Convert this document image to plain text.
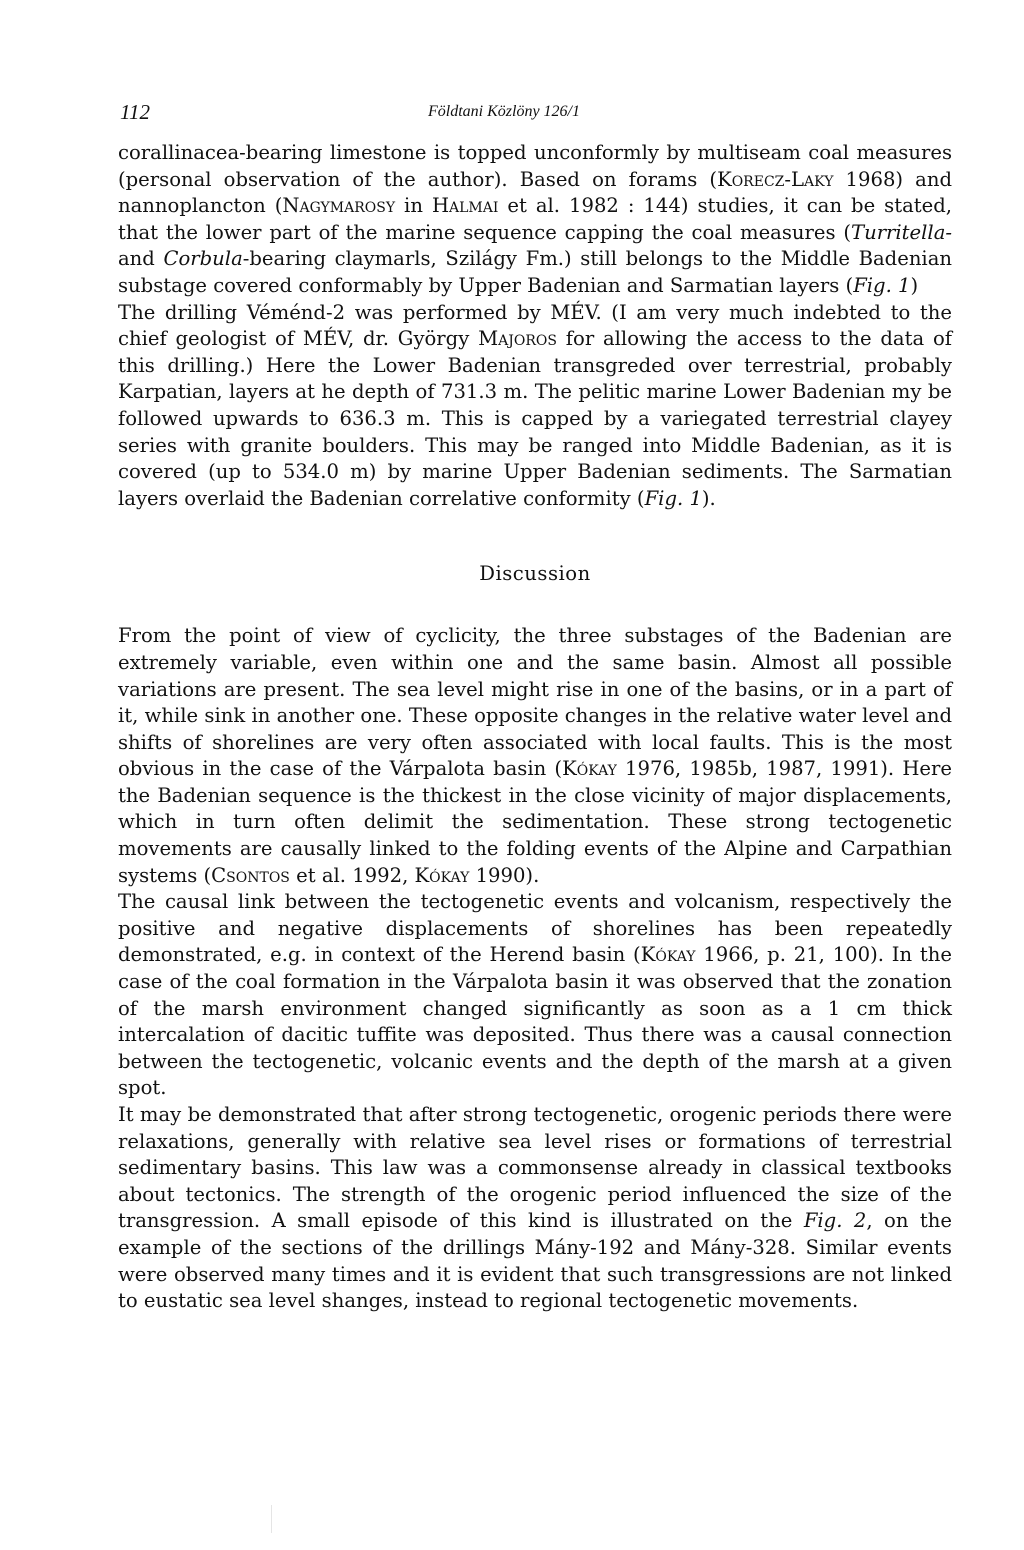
112	Földtani Közlöny 126/1

corallinacea-bearing limestone is topped unconformly by multiseam coal measures (personal observation of the author). Based on forams (Korecz-Laky 1968) and nannoplancton (Nagymarosy in Halmai et al. 1982 : 144) studies, it can be stated, that the lower part of the marine sequence capping the coal measures (Turritella- and Corbula-bearing claymarls, Szilágy Fm.) still belongs to the Middle Badenian substage covered conformably by Upper Badenian and Sarmatian layers (Fig. 1)

The drilling Véménd-2 was performed by MÉV. (I am very much indebted to the chief geologist of MÉV, dr. György Majoros for allowing the access to the data of this drilling.) Here the Lower Badenian transgreded over terrestrial, probably Karpatian, layers at he depth of 731.3 m. The pelitic marine Lower Badenian my be followed upwards to 636.3 m. This is capped by a variegated terrestrial clayey series with granite boulders. This may be ranged into Middle Badenian, as it is covered (up to 534.0 m) by marine Upper Badenian sediments. The Sarmatian layers overlaid the Badenian correlative conformity (Fig. 1).

Discussion

From the point of view of cyclicity, the three substages of the Badenian are extremely variable, even within one and the same basin. Almost all possible variations are present. The sea level might rise in one of the basins, or in a part of it, while sink in another one. These opposite changes in the relative water level and shifts of shorelines are very often associated with local faults. This is the most obvious in the case of the Várpalota basin (Kókay 1976, 1985b, 1987, 1991). Here the Badenian sequence is the thickest in the close vicinity of major displacements, which in turn often delimit the sedimentation. These strong tectogenetic movements are causally linked to the folding events of the Alpine and Carpathian systems (Csontos et al. 1992, Kókay 1990).

The causal link between the tectogenetic events and volcanism, respectively the positive and negative displacements of shorelines has been repeatedly demonstrated, e.g. in context of the Herend basin (Kókay 1966, p. 21, 100). In the case of the coal formation in the Várpalota basin it was observed that the zonation of the marsh environment changed significantly as soon as a 1 cm thick intercalation of dacitic tuffite was deposited. Thus there was a causal connection between the tectogenetic, volcanic events and the depth of the marsh at a given spot.

It may be demonstrated that after strong tectogenetic, orogenic periods there were relaxations, generally with relative sea level rises or formations of terrestrial sedimentary basins. This law was a commonsense already in classical textbooks about tectonics. The strength of the orogenic period influenced the size of the transgression. A small episode of this kind is illustrated on the Fig. 2, on the example of the sections of the drillings Mány-192 and Mány-328. Similar events were observed many times and it is evident that such transgressions are not linked to eustatic sea level shanges, instead to regional tectogenetic movements.
